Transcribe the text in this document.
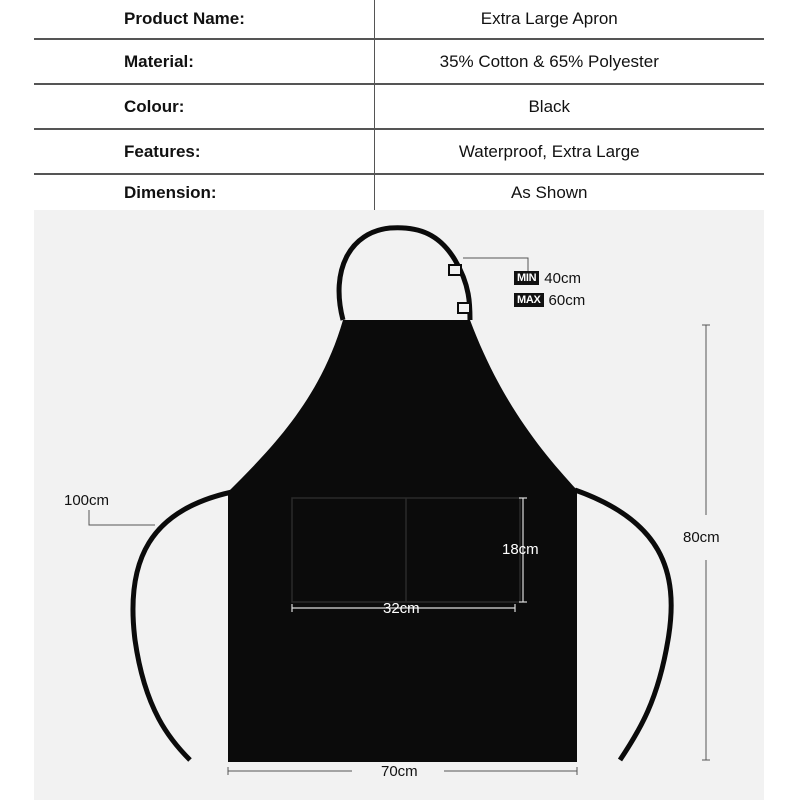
Product Name:	Extra Large Apron
Material:	35% Cotton & 65% Polyester
Colour:	Black
Features:	Waterproof, Extra Large
Dimension:	As Shown
MIN 40cm
MAX 60cm
100cm
18cm
32cm
80cm
70cm
